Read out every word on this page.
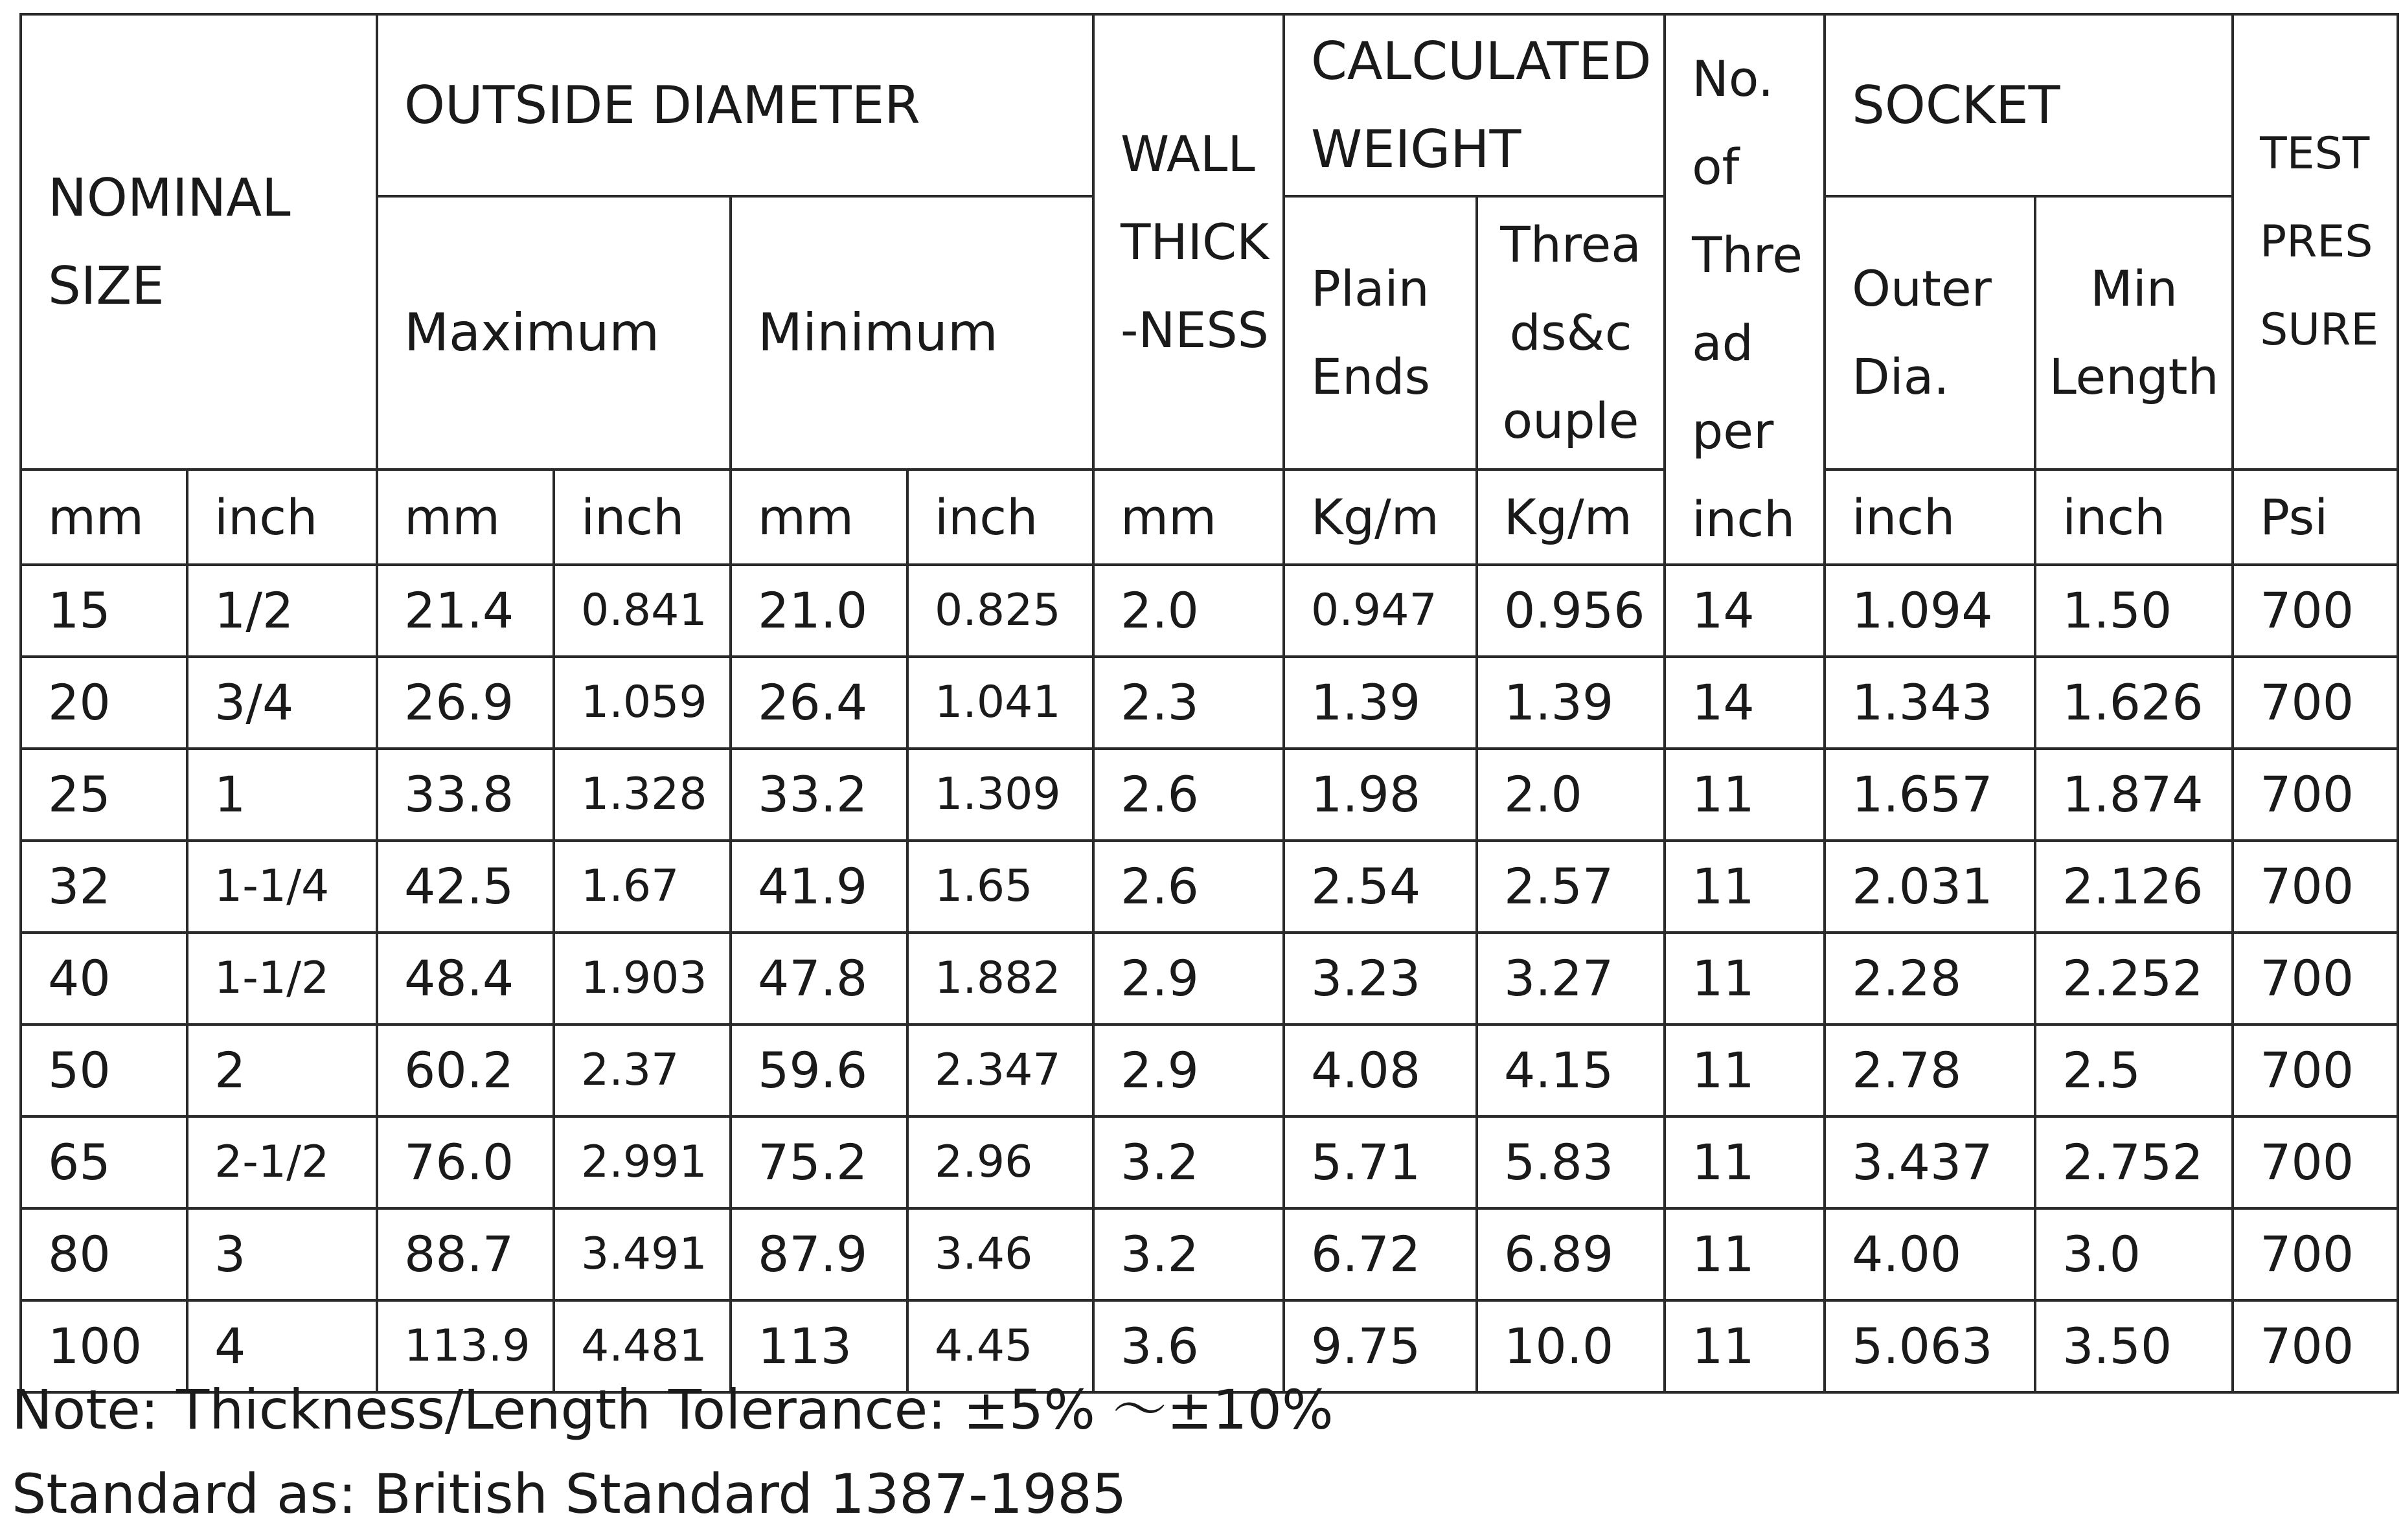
NOMINAL SIZE		OUTSIDE DIAMETER				WALL THICK -NESS	CALCULATED WEIGHT		No. of Thre ad per inch	SOCKET		TEST PRES SURE
		Maximum		Minimum			Plain Ends	Threa ds&c ouple		Outer Dia.	Min Length	
mm	inch	mm	inch	mm	inch	mm	Kg/m	Kg/m		inch	inch	Psi
15	1/2	21.4	0.841	21.0	0.825	2.0	0.947	0.956	14	1.094	1.50	700
20	3/4	26.9	1.059	26.4	1.041	2.3	1.39	1.39	14	1.343	1.626	700
25	1	33.8	1.328	33.2	1.309	2.6	1.98	2.0	11	1.657	1.874	700
32	1-1/4	42.5	1.67	41.9	1.65	2.6	2.54	2.57	11	2.031	2.126	700
40	1-1/2	48.4	1.903	47.8	1.882	2.9	3.23	3.27	11	2.28	2.252	700
50	2	60.2	2.37	59.6	2.347	2.9	4.08	4.15	11	2.78	2.5	700
65	2-1/2	76.0	2.991	75.2	2.96	3.2	5.71	5.83	11	3.437	2.752	700
80	3	88.7	3.491	87.9	3.46	3.2	6.72	6.89	11	4.00	3.0	700
100	4	113.9	4.481	113	4.45	3.6	9.75	10.0	11	5.063	3.50	700
Note: Thickness/Length Tolerance: ±5% ～±10%
Standard as: British Standard 1387-1985
